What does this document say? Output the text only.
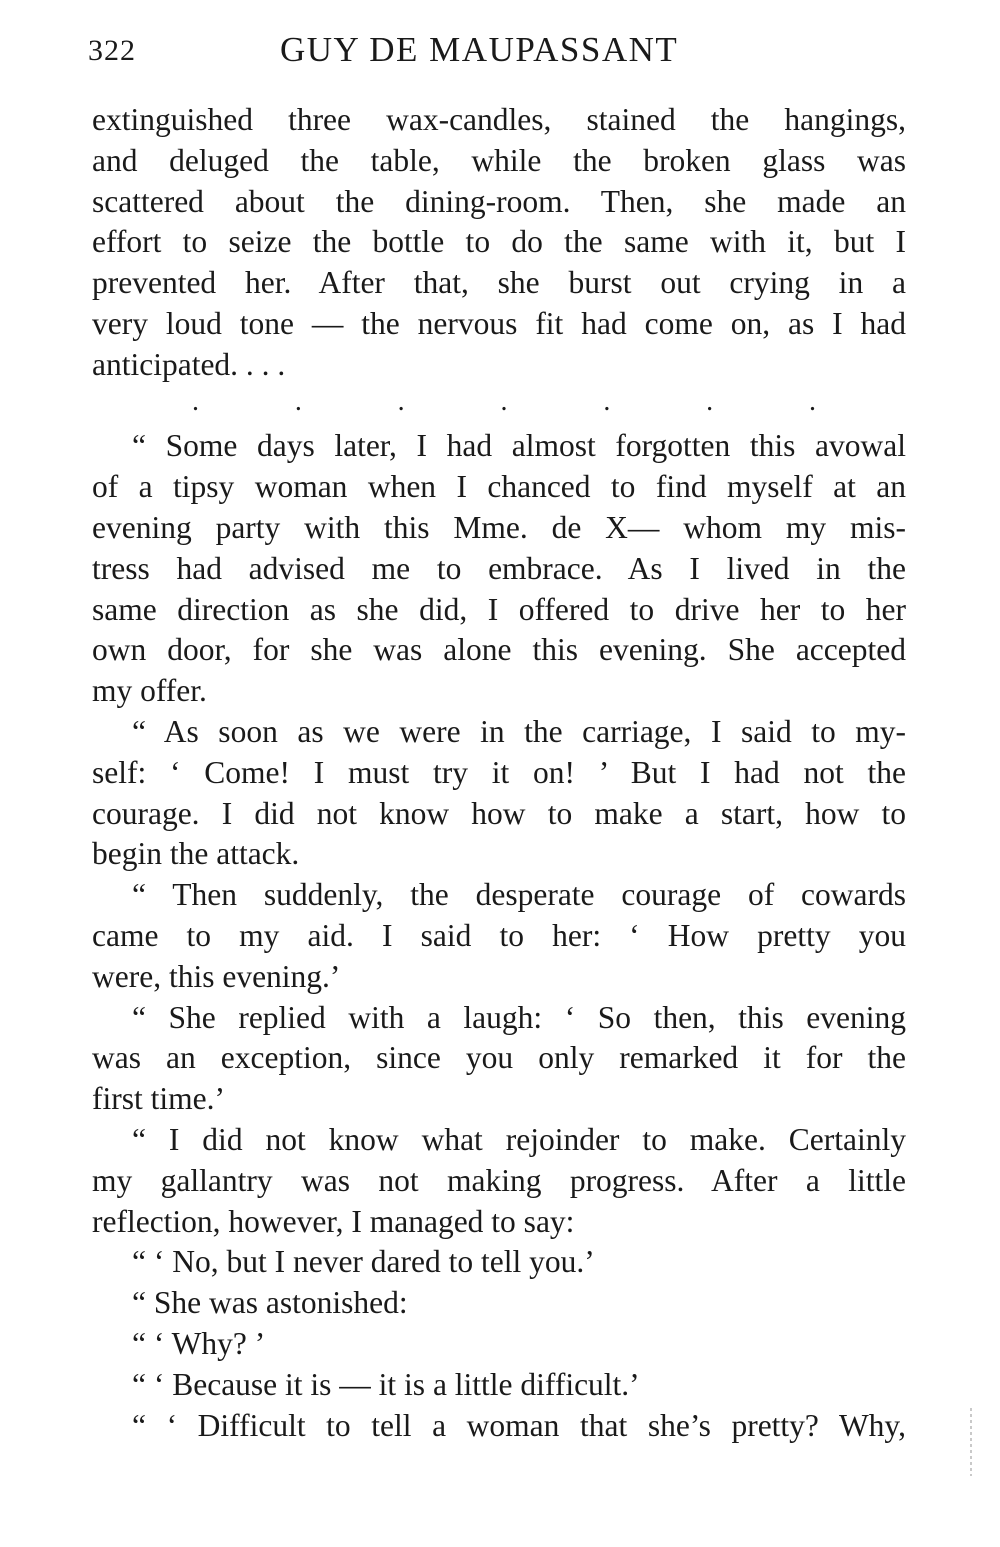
322	GUY DE MAUPASSANT
extinguished three wax-candles, stained the hangings,
and deluged the table, while the broken glass was
scattered about the dining-room. Then, she made an
effort to seize the bottle to do the same with it, but I
prevented her. After that, she burst out crying in a
very loud tone — the nervous fit had come on, as I had
anticipated. . . .
.	.	.	.	.	.	.
“ Some days later, I had almost forgotten this avowal
of a tipsy woman when I chanced to find myself at an
evening party with this Mme. de X— whom my mis-
tress had advised me to embrace. As I lived in the
same direction as she did, I offered to drive her to her
own door, for she was alone this evening. She accepted
my offer.
“ As soon as we were in the carriage, I said to my-
self: ‘ Come! I must try it on! ’ But I had not the
courage. I did not know how to make a start, how to
begin the attack.
“ Then suddenly, the desperate courage of cowards
came to my aid. I said to her: ‘ How pretty you
were, this evening.’
“ She replied with a laugh: ‘ So then, this evening
was an exception, since you only remarked it for the
first time.’
“ I did not know what rejoinder to make. Certainly
my gallantry was not making progress. After a little
reflection, however, I managed to say:
“ ‘ No, but I never dared to tell you.’
“ She was astonished:
“ ‘ Why? ’
“ ‘ Because it is — it is a little difficult.’
“ ‘ Difficult to tell a woman that she’s pretty? Why,
